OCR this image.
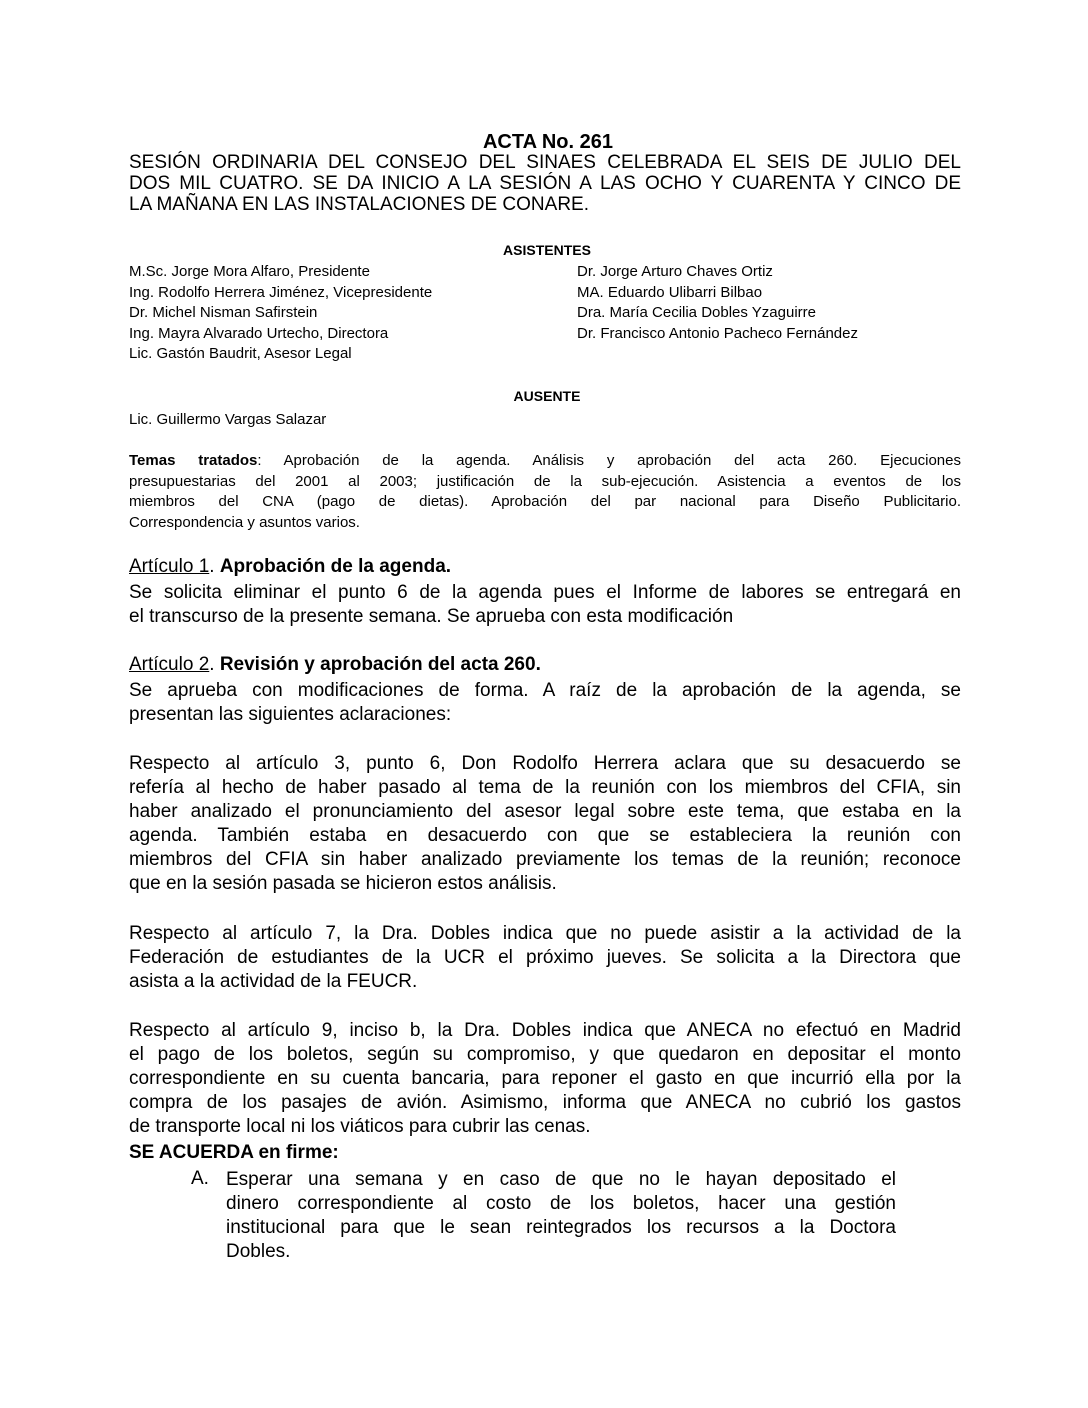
ACTA No. 261
SESIÓN ORDINARIA DEL CONSEJO DEL SINAES CELEBRADA EL SEIS DE JULIO DEL
DOS MIL CUATRO. SE DA INICIO A LA SESIÓN A LAS OCHO Y CUARENTA Y CINCO DE
LA MAÑANA EN LAS INSTALACIONES DE CONARE.
ASISTENTES
M.Sc. Jorge Mora Alfaro, Presidente
Ing. Rodolfo Herrera Jiménez, Vicepresidente
Dr. Michel Nisman Safirstein
Ing. Mayra Alvarado Urtecho, Directora
Lic. Gastón Baudrit, Asesor Legal
Dr. Jorge Arturo Chaves Ortiz
MA. Eduardo Ulibarri Bilbao
Dra. María Cecilia Dobles Yzaguirre
Dr. Francisco Antonio Pacheco Fernández
AUSENTE
Lic. Guillermo Vargas Salazar
Temas tratados: Aprobación de la agenda. Análisis y aprobación del acta 260. Ejecuciones
presupuestarias del 2001 al 2003; justificación de la sub-ejecución. Asistencia a eventos de los
miembros del CNA (pago de dietas). Aprobación del par nacional para Diseño Publicitario.
Correspondencia y asuntos varios.
Artículo 1. Aprobación de la agenda.
Se solicita eliminar el punto 6 de la agenda pues el Informe de labores se entregará en
el transcurso de la presente semana. Se aprueba con esta modificación
Artículo 2. Revisión y aprobación del acta 260.
Se aprueba con modificaciones de forma. A raíz de la aprobación de la agenda, se
presentan las siguientes aclaraciones:
Respecto al artículo 3, punto 6, Don Rodolfo Herrera aclara que su desacuerdo se
refería al hecho de haber pasado al tema de la reunión con los miembros del CFIA, sin
haber analizado el pronunciamiento del asesor legal sobre este tema, que estaba en la
agenda. También estaba en desacuerdo con que se estableciera la reunión con
miembros del CFIA sin haber analizado previamente los temas de la reunión; reconoce
que en la sesión pasada se hicieron estos análisis.
Respecto al artículo 7, la Dra. Dobles indica que no puede asistir a la actividad de la
Federación de estudiantes de la UCR el próximo jueves. Se solicita a la Directora que
asista a la actividad de la FEUCR.
Respecto al artículo 9, inciso b, la Dra. Dobles indica que ANECA no efectuó en Madrid
el pago de los boletos, según su compromiso, y que quedaron en depositar el monto
correspondiente en su cuenta bancaria, para reponer el gasto en que incurrió ella por la
compra de los pasajes de avión. Asimismo, informa que ANECA no cubrió los gastos
de transporte local ni los viáticos para cubrir las cenas.
SE ACUERDA en firme:
A. Esperar una semana y en caso de que no le hayan depositado el
dinero correspondiente al costo de los boletos, hacer una gestión
institucional para que le sean reintegrados los recursos a la Doctora
Dobles.
